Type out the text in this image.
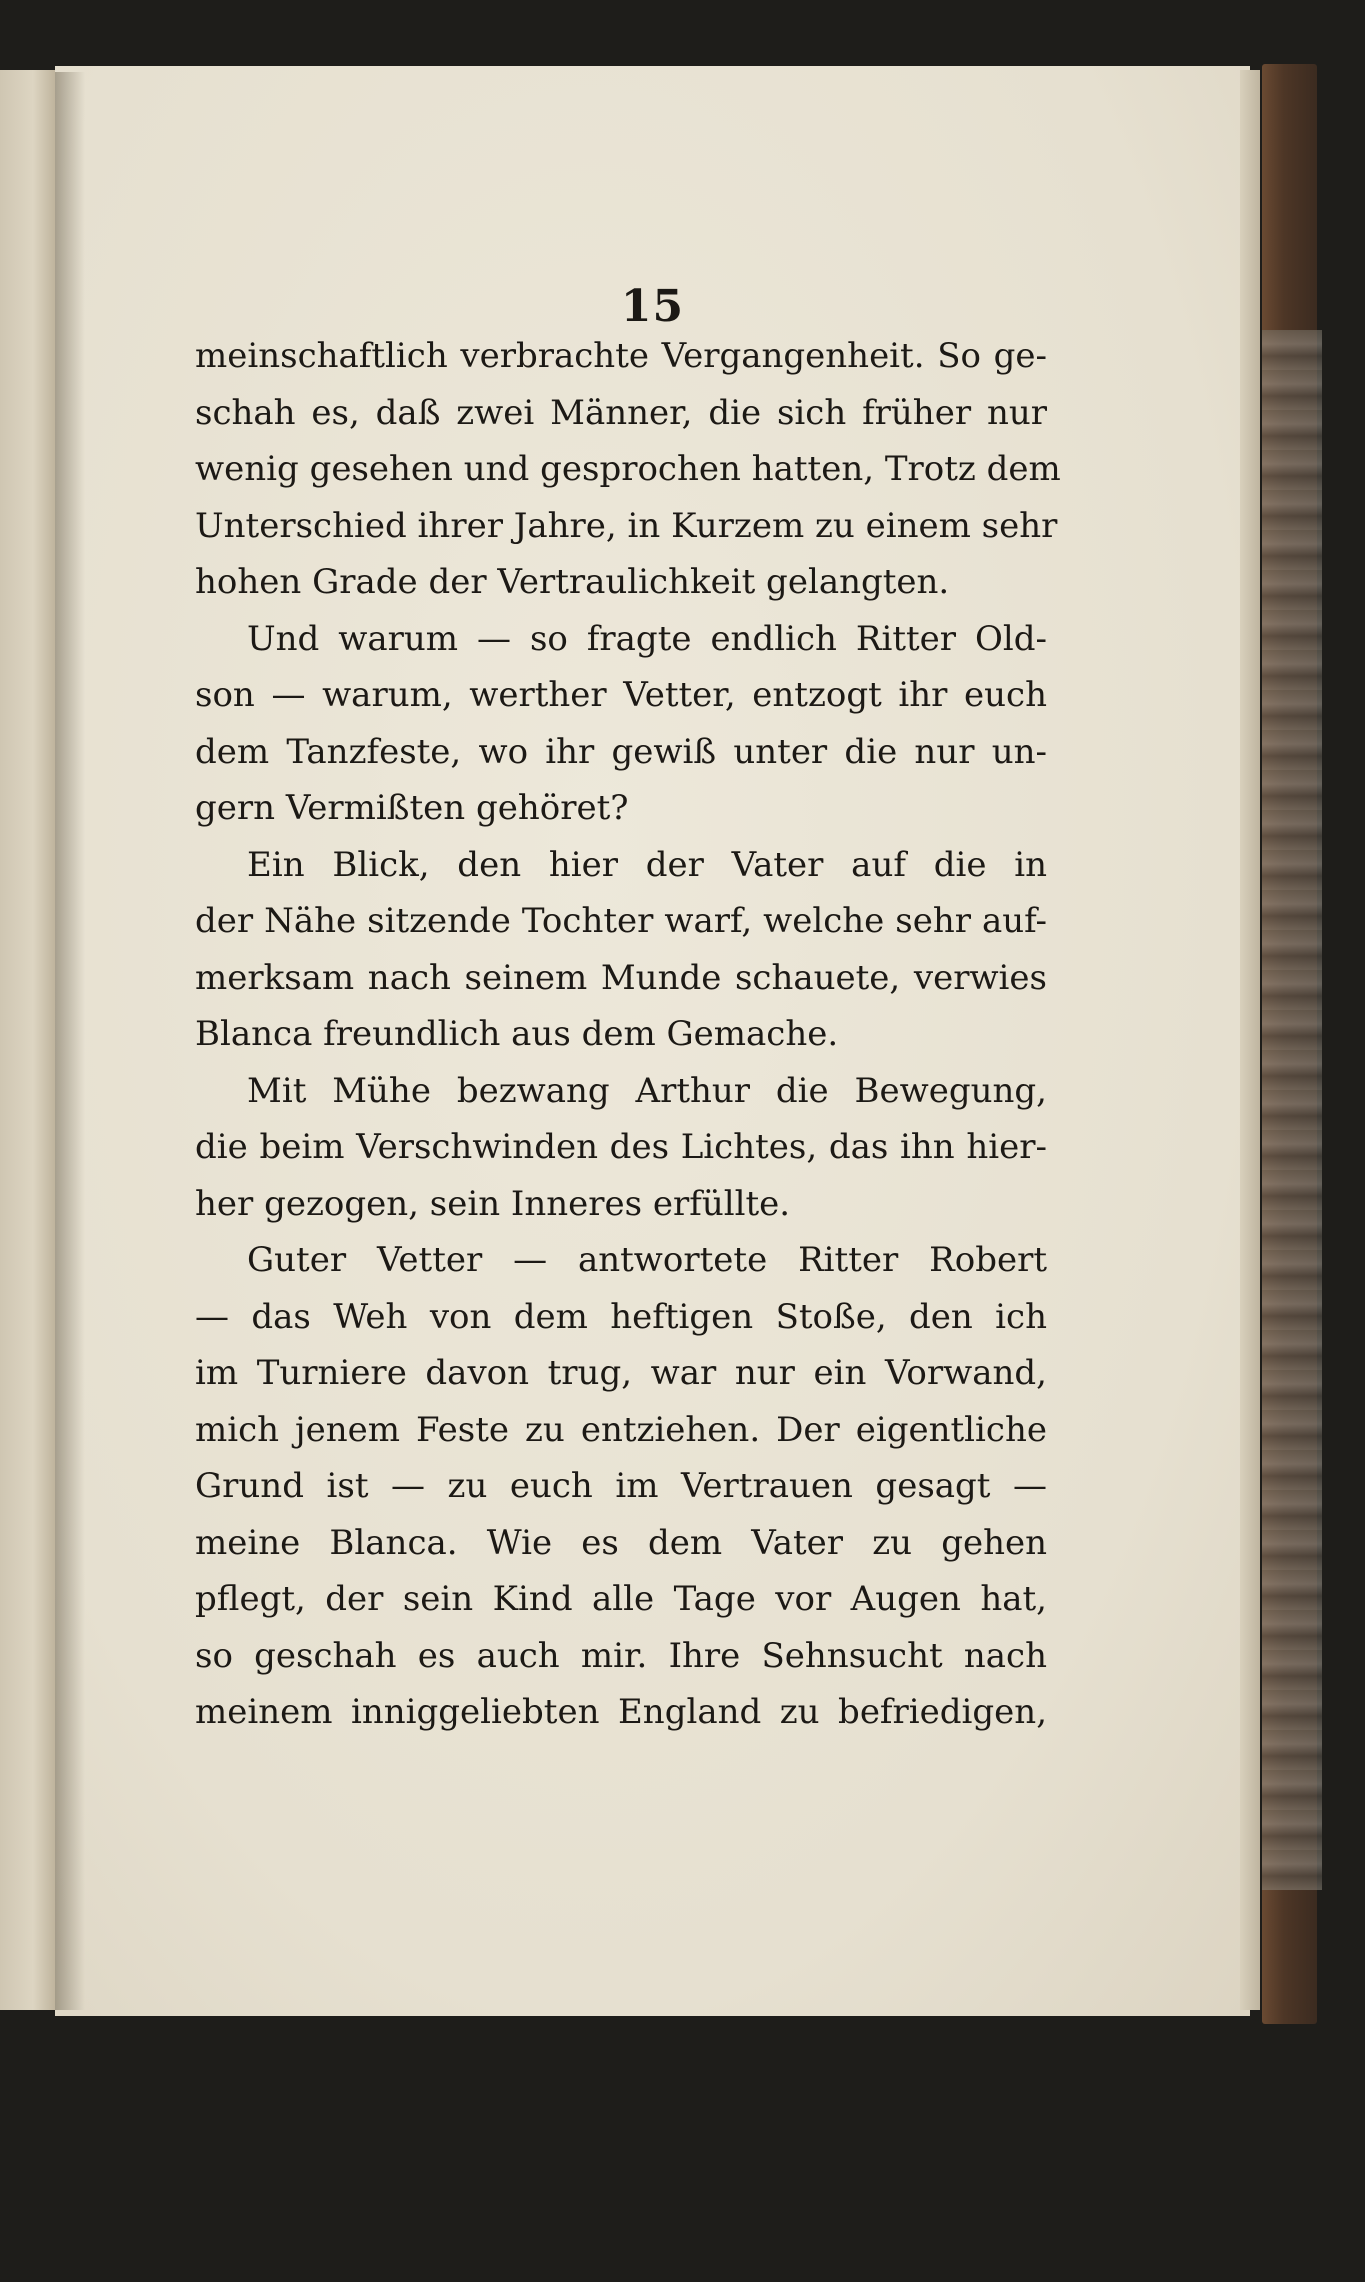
15
meinschaftlich verbrachte Vergangenheit. So ge-
schah es, daß zwei Männer, die sich früher nur
wenig gesehen und gesprochen hatten, Trotz dem
Unterschied ihrer Jahre, in Kurzem zu einem sehr
hohen Grade der Vertraulichkeit gelangten.
Und warum — so fragte endlich Ritter Old-
son — warum, werther Vetter, entzogt ihr euch
dem Tanzfeste, wo ihr gewiß unter die nur un-
gern Vermißten gehöret?
Ein Blick, den hier der Vater auf die in
der Nähe sitzende Tochter warf, welche sehr auf-
merksam nach seinem Munde schauete, verwies
Blanca freundlich aus dem Gemache.
Mit Mühe bezwang Arthur die Bewegung,
die beim Verschwinden des Lichtes, das ihn hier-
her gezogen, sein Inneres erfüllte.
Guter Vetter — antwortete Ritter Robert
— das Weh von dem heftigen Stoße, den ich
im Turniere davon trug, war nur ein Vorwand,
mich jenem Feste zu entziehen. Der eigentliche
Grund ist — zu euch im Vertrauen gesagt —
meine Blanca. Wie es dem Vater zu gehen
pflegt, der sein Kind alle Tage vor Augen hat,
so geschah es auch mir. Ihre Sehnsucht nach
meinem inniggeliebten England zu befriedigen,
